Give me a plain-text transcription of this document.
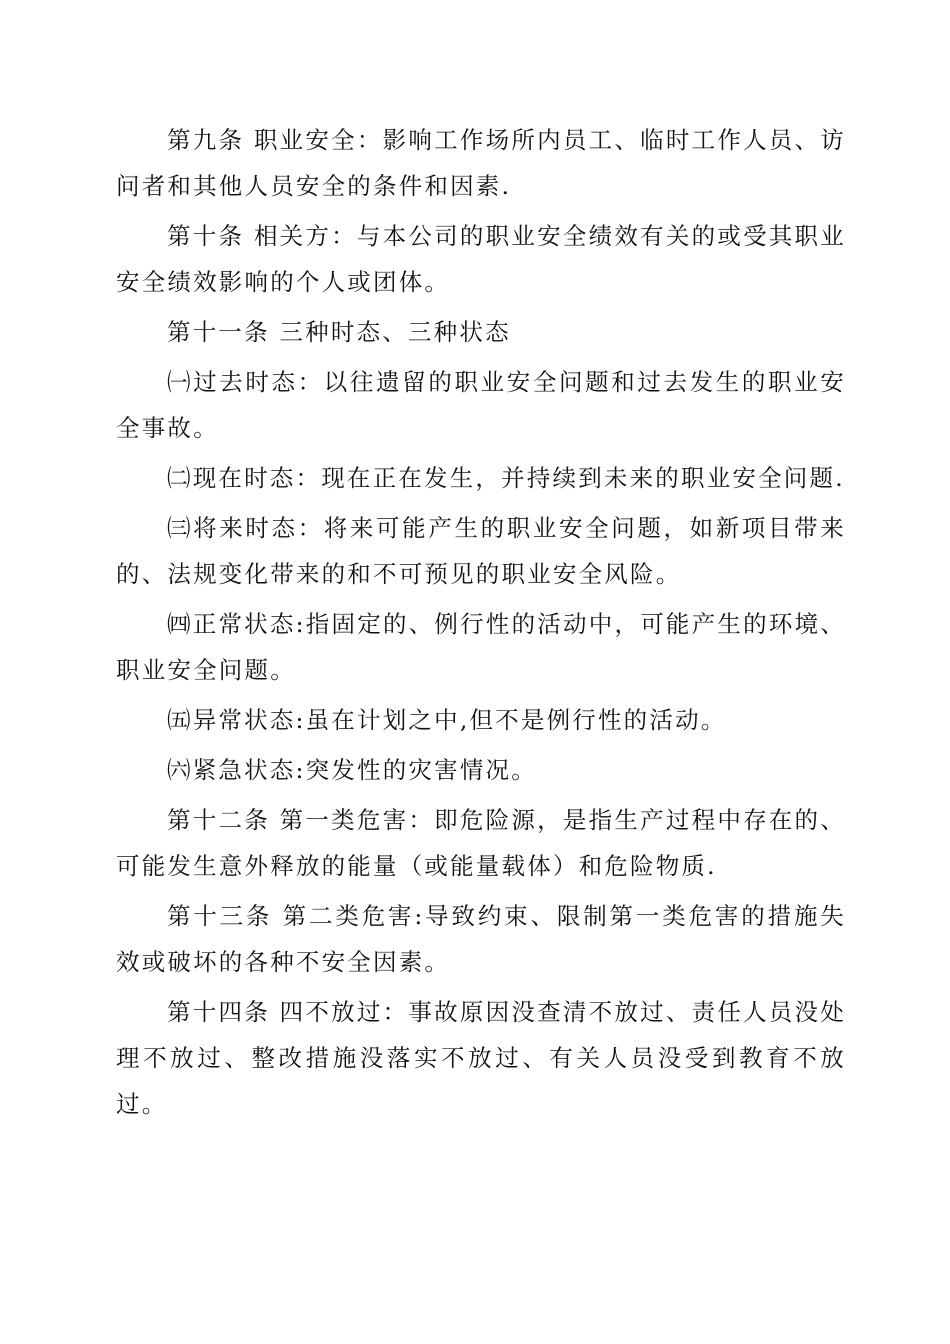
第九条 职业安全：影响工作场所内员工、临时工作人员、访问者和其他人员安全的条件和因素.

第十条 相关方：与本公司的职业安全绩效有关的或受其职业安全绩效影响的个人或团体。

第十一条 三种时态、三种状态

㈠过去时态：以往遗留的职业安全问题和过去发生的职业安全事故。

㈡现在时态：现在正在发生，并持续到未来的职业安全问题.

㈢将来时态：将来可能产生的职业安全问题，如新项目带来的、法规变化带来的和不可预见的职业安全风险。

㈣正常状态:指固定的、例行性的活动中，可能产生的环境、职业安全问题。

㈤异常状态:虽在计划之中,但不是例行性的活动。

㈥紧急状态:突发性的灾害情况。

第十二条 第一类危害：即危险源，是指生产过程中存在的、可能发生意外释放的能量（或能量载体）和危险物质.

第十三条 第二类危害:导致约束、限制第一类危害的措施失效或破坏的各种不安全因素。

第十四条 四不放过：事故原因没查清不放过、责任人员没处理不放过、整改措施没落实不放过、有关人员没受到教育不放过。
